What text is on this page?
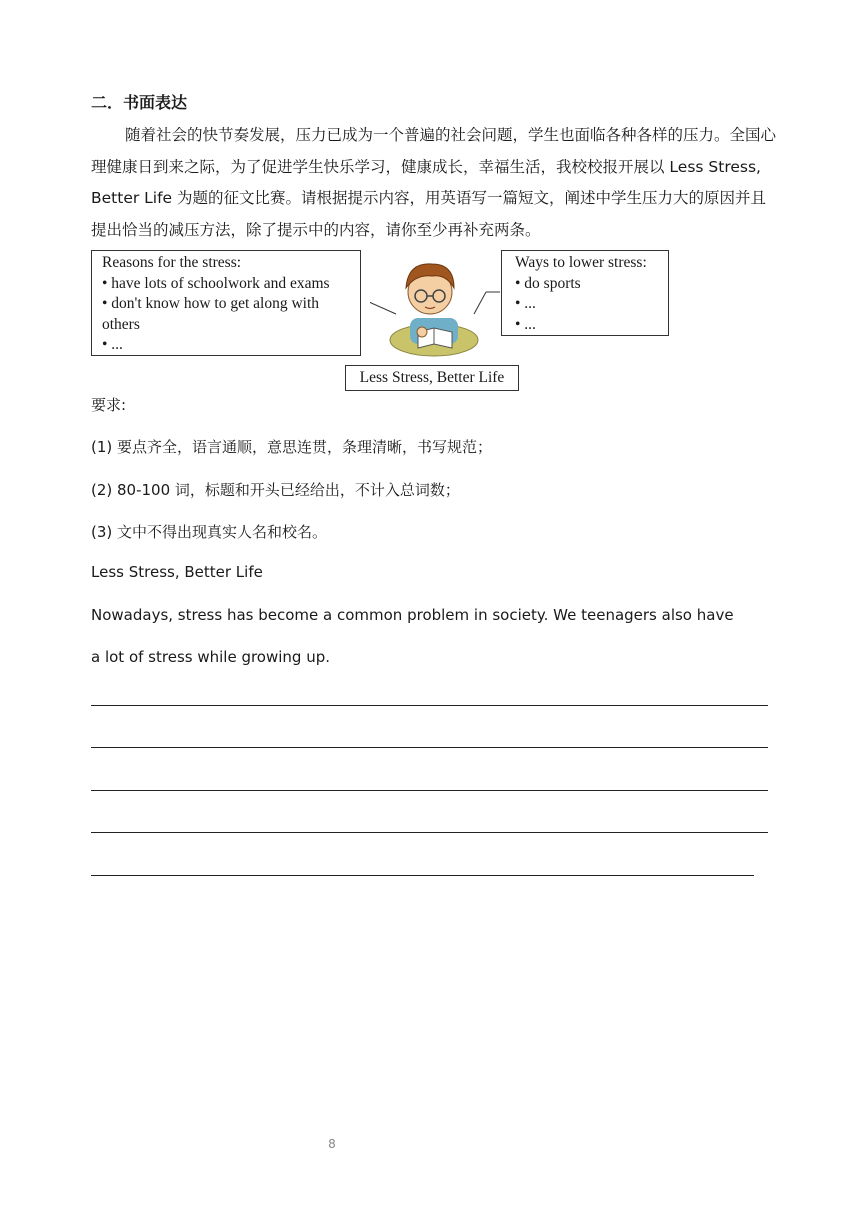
二．书面表达
随着社会的快节奏发展，压力已成为一个普遍的社会问题，学生也面临各种各样的压力。全国心理健康日到来之际，为了促进学生快乐学习，健康成长，幸福生活，我校校报开展以 Less Stress, Better Life 为题的征文比赛。请根据提示内容，用英语写一篇短文，阐述中学生压力大的原因并且提出恰当的减压方法，除了提示中的内容，请你至少再补充两条。
Reasons for the stress:
• have lots of schoolwork and exams
• don't know how to get along with
others
• ...
Ways to lower stress:
• do sports
• ...
• ...
Less Stress, Better Life
要求:
(1) 要点齐全，语言通顺，意思连贯，条理清晰，书写规范；
(2) 80-100 词，标题和开头已经给出，不计入总词数；
(3) 文中不得出现真实人名和校名。
Less Stress, Better Life
Nowadays, stress has become a common problem in society. We teenagers also have
a lot of stress while growing up.
8
